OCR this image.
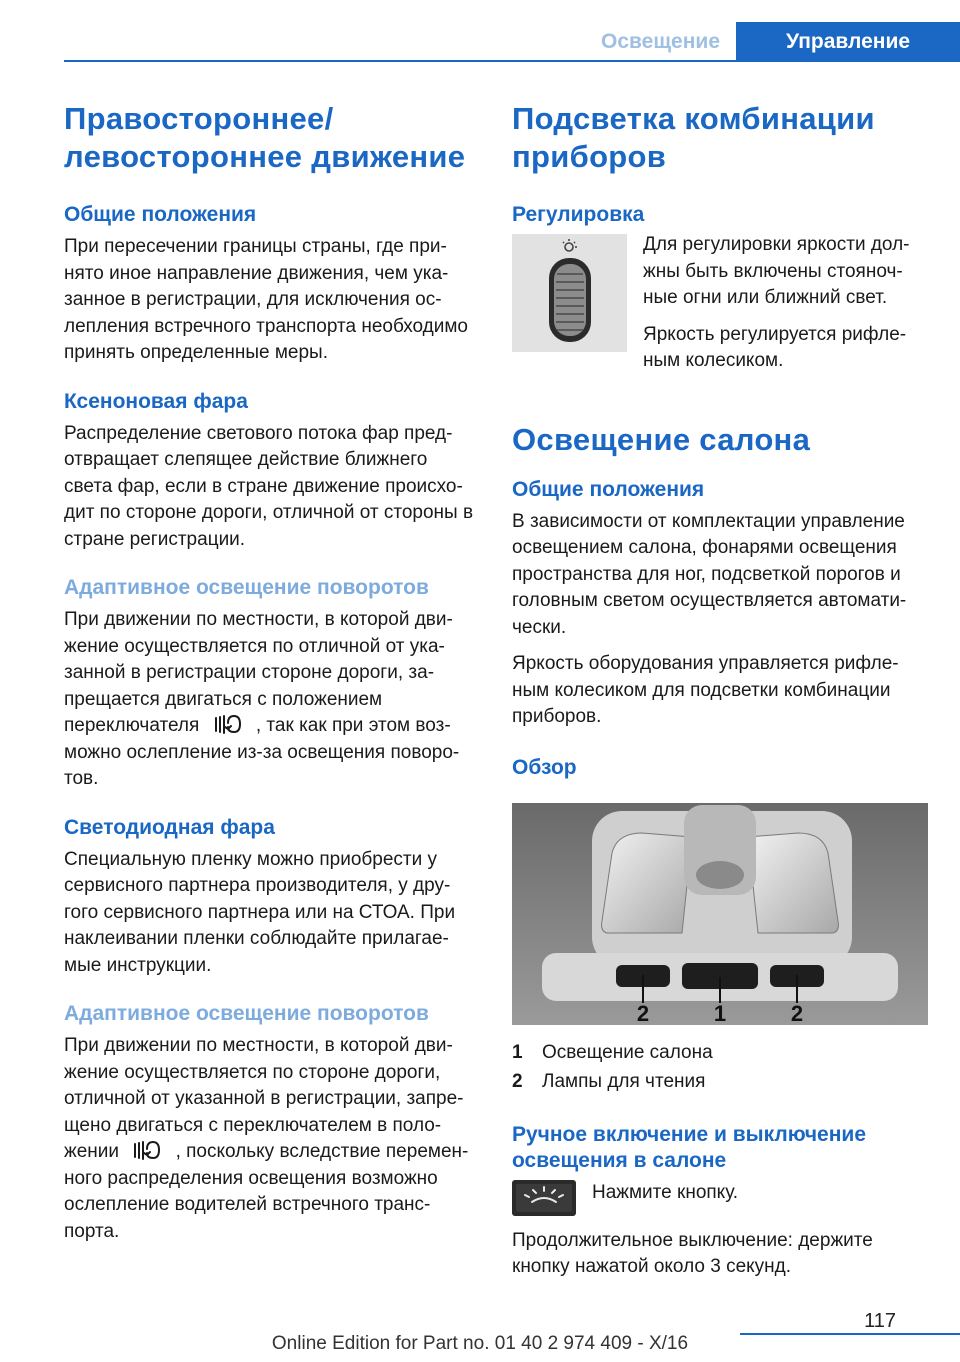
Освещение	Управление
Правостороннее/
левостороннее движение
Общие положения

При пересечении границы страны, где при-нято иное направление движения, чем ука-занное в регистрации, для исключения ос-лепления встречного транспорта необходимо принять определенные меры.

Ксеноновая фара

Распределение светового потока фар пред-отвращает слепящее действие ближнего света фар, если в стране движение происхо-дит по стороне дороги, отличной от стороны в стране регистрации.

Адаптивное освещение поворотов

При движении по местности, в которой дви-жение осуществляется по отличной от ука-занной в регистрации стороне дороги, за-прещается двигаться с положением переключателя	, так как при этом воз-можно ослепление из-за освещения поворо-тов.

Светодиодная фара

Специальную пленку можно приобрести у сервисного партнера производителя, у дру-гого сервисного партнера или на СТОА. При наклеивании пленки соблюдайте прилагае-мые инструкции.

Адаптивное освещение поворотов

При движении по местности, в которой дви-жение осуществляется по стороне дороги, отличной от указанной в регистрации, запре-щено двигаться с переключателем в поло-жении	, поскольку вследствие перемен-ного распределения освещения возможно ослепление водителей встречного транс-порта.

Подсветка комбинации
приборов
Регулировка

Для регулировки яркости дол-жны быть включены стояноч-ные огни или ближний свет.

Яркость регулируется рифле-ным колесиком.

Освещение салона
Общие положения

В зависимости от комплектации управление освещением салона, фонарями освещения пространства для ног, подсветкой порогов и головным светом осуществляется автомати-чески.

Яркость оборудования управляется рифле-ным колесиком для подсветки комбинации приборов.

Обзор
2	1	2
1	Освещение салона
2	Лампы для чтения
Ручное включение и выключение освещения в салоне

Нажмите кнопку.

Продолжительное выключение: держите кнопку нажатой около 3 секунд.

117
Online Edition for Part no. 01 40 2 974 409 - X/16
